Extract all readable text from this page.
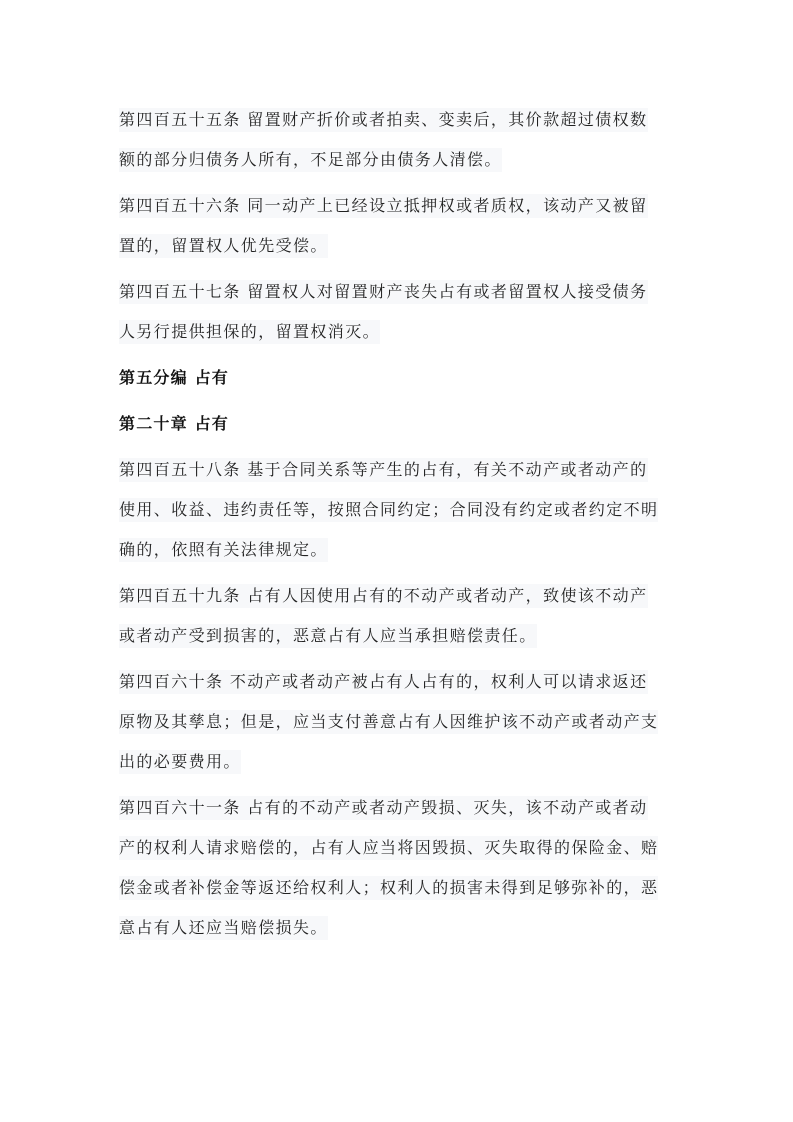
第四百五十五条 留置财产折价或者拍卖、变卖后，其价款超过债权数
额的部分归债务人所有，不足部分由债务人清偿。
第四百五十六条 同一动产上已经设立抵押权或者质权，该动产又被留
置的，留置权人优先受偿。
第四百五十七条 留置权人对留置财产丧失占有或者留置权人接受债务
人另行提供担保的，留置权消灭。
第五分编 占有
第二十章 占有
第四百五十八条 基于合同关系等产生的占有，有关不动产或者动产的
使用、收益、违约责任等，按照合同约定；合同没有约定或者约定不明
确的，依照有关法律规定。
第四百五十九条 占有人因使用占有的不动产或者动产，致使该不动产
或者动产受到损害的，恶意占有人应当承担赔偿责任。
第四百六十条 不动产或者动产被占有人占有的，权利人可以请求返还
原物及其孳息；但是，应当支付善意占有人因维护该不动产或者动产支
出的必要费用。
第四百六十一条 占有的不动产或者动产毁损、灭失，该不动产或者动
产的权利人请求赔偿的，占有人应当将因毁损、灭失取得的保险金、赔
偿金或者补偿金等返还给权利人；权利人的损害未得到足够弥补的，恶
意占有人还应当赔偿损失。
